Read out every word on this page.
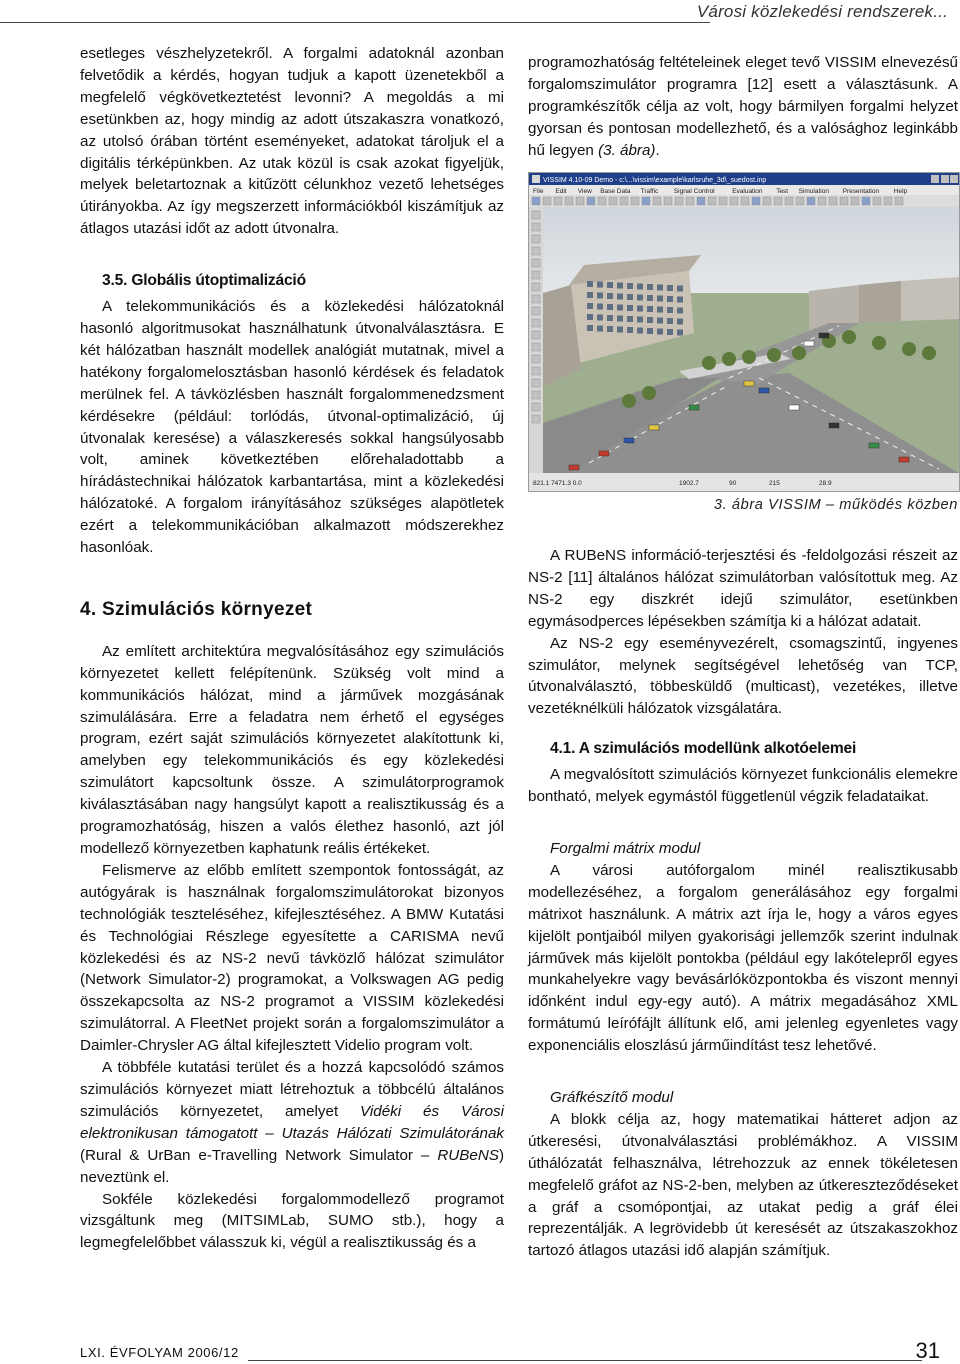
Városi közlekedési rendszerek...

esetleges vészhelyzetekről. A forgalmi adatoknál azonban felvetődik a kérdés, hogyan tudjuk a kapott üzenetekből a megfelelő végkövetkeztetést levonni? A megoldás a mi esetünkben az, hogy mindig az adott útszakaszra vonatkozó, az utolsó órában történt eseményeket, adatokat tároljuk el a digitális térképünkben. Az utak közül is csak azokat figyeljük, melyek beletartoznak a kitűzött célunkhoz vezető lehetséges útirányokba. Az így megszerzett információkból kiszámítjuk az átlagos utazási időt az adott útvonalra.

3.5. Globális útoptimalizáció

A telekommunikációs és a közlekedési hálózatoknál hasonló algoritmusokat használhatunk útvonalválasztásra. E két hálózatban használt modellek analógiát mutatnak, mivel a hatékony forgalomelosztásban hasonló kérdések és feladatok merülnek fel. A távközlésben használt forgalommenedzsment kérdésekre (például: torlódás, útvonal-optimalizáció, új útvonalak keresése) a válaszkeresés sokkal hangsúlyosabb volt, aminek következtében előrehaladottabb a hírádástechnikai hálózatok karbantartása, mint a közlekedési hálózatoké. A forgalom irányításához szükséges alapötletek ezért a telekommunikációban alkalmazott módszerekhez hasonlóak.

4. Szimulációs környezet

Az említett architektúra megvalósításához egy szimulációs környezetet kellett felépítenünk. Szükség volt mind a kommunikációs hálózat, mind a járművek mozgásának szimulálására. Erre a feladatra nem érhető el egységes program, ezért saját szimulációs környezetet alakítottunk ki, amelyben egy telekommunikációs és egy közlekedési szimulátort kapcsoltunk össze. A szimulátorprogramok kiválasztásában nagy hangsúlyt kapott a realisztikusság és a programozhatóság, hiszen a valós élethez hasonló, azt jól modellező környezetben kaphatunk reális értékeket.

Felismerve az előbb említett szempontok fontosságát, az autógyárak is használnak forgalomszimulátorokat bizonyos technológiák teszteléséhez, kifejlesztéséhez. A BMW Kutatási és Technológiai Részlege egyesítette a CARISMA nevű közlekedési és az NS-2 nevű távközlő hálózat szimulátor (Network Simulator-2) programokat, a Volkswagen AG pedig összekapcsolta az NS-2 programot a VISSIM közlekedési szimulátorral. A FleetNet projekt során a forgalomszimulátor a Daimler-Chrysler AG által kifejlesztett Videlio program volt.

A többféle kutatási terület és a hozzá kapcsolódó számos szimulációs környezet miatt létrehoztuk a többcélú általános szimulációs környezetet, amelyet Vidéki és Városi elektronikusan támogatott – Utazás Hálózati Szimulátorának (Rural & UrBan e-Travelling Network Simulator – RUBeNS) neveztünk el.

Sokféle közlekedési forgalommodellező programot vizsgáltunk meg (MITSIMLab, SUMO stb.), hogy a legmegfelelőbbet válasszuk ki, végül a realisztikusság és a

programozhatóság feltételeinek eleget tevő VISSIM elnevezésű forgalomszimulátor programra [12] esett a választásunk. A programkészítők célja az volt, hogy bármilyen forgalmi helyzet gyorsan és pontosan modellezhető, és a valósághoz leginkább hű legyen (3. ábra).

VISSIM 4.10-09 Demo - c:\...\vissim\example\karlsruhe_3d\_suedost.inp
File Edit View Base Data Traffic Signal Control	Evaluation Test Simulation Presentation Help
821.1 7471.3 0.0	1902.7	90	215	28.9
3. ábra VISSIM – működés közben

A RUBeNS információ-terjesztési és -feldolgozási részeit az NS-2 [11] általános hálózat szimulátorban valósítottuk meg. Az NS-2 egy diszkrét idejű szimulátor, esetünkben egymásodperces lépésekben számítja ki a hálózat adatait.

Az NS-2 egy eseményvezérelt, csomagszintű, ingyenes szimulátor, melynek segítségével lehetőség van TCP, útvonalválasztó, többesküldő (multicast), vezetékes, illetve vezetéknélküli hálózatok vizsgálatára.

4.1. A szimulációs modellünk alkotóelemei

A megvalósított szimulációs környezet funkcionális elemekre bontható, melyek egymástól függetlenül végzik feladataikat.

Forgalmi mátrix modul

A városi autóforgalom minél realisztikusabb modellezéséhez, a forgalom generálásához egy forgalmi mátrixot használunk. A mátrix azt írja le, hogy a város egyes kijelölt pontjaiból milyen gyakorisági jellemzők szerint indulnak járművek más kijelölt pontokba (például egy lakótelepről egyes munkahelyekre vagy bevásárlóközpontokba és viszont mennyi időnként indul egy-egy autó). A mátrix megadásához XML formátumú leírófájlt állítunk elő, ami jelenleg egyenletes vagy exponenciális eloszlású járműindítást tesz lehetővé.

Gráfkészítő modul

A blokk célja az, hogy matematikai hátteret adjon az útkeresési, útvonalválasztási problémákhoz. A VISSIM úthálózatát felhasználva, létrehozzuk az ennek tökéletesen megfelelő gráfot az NS-2-ben, melyben az útkereszteződéseket a gráf a csomópontjai, az utakat pedig a gráf élei reprezentálják. A legrövidebb út keresését az útszakaszokhoz tartozó átlagos utazási idő alapján számítjuk.

LXI. ÉVFOLYAM 2006/12	31
